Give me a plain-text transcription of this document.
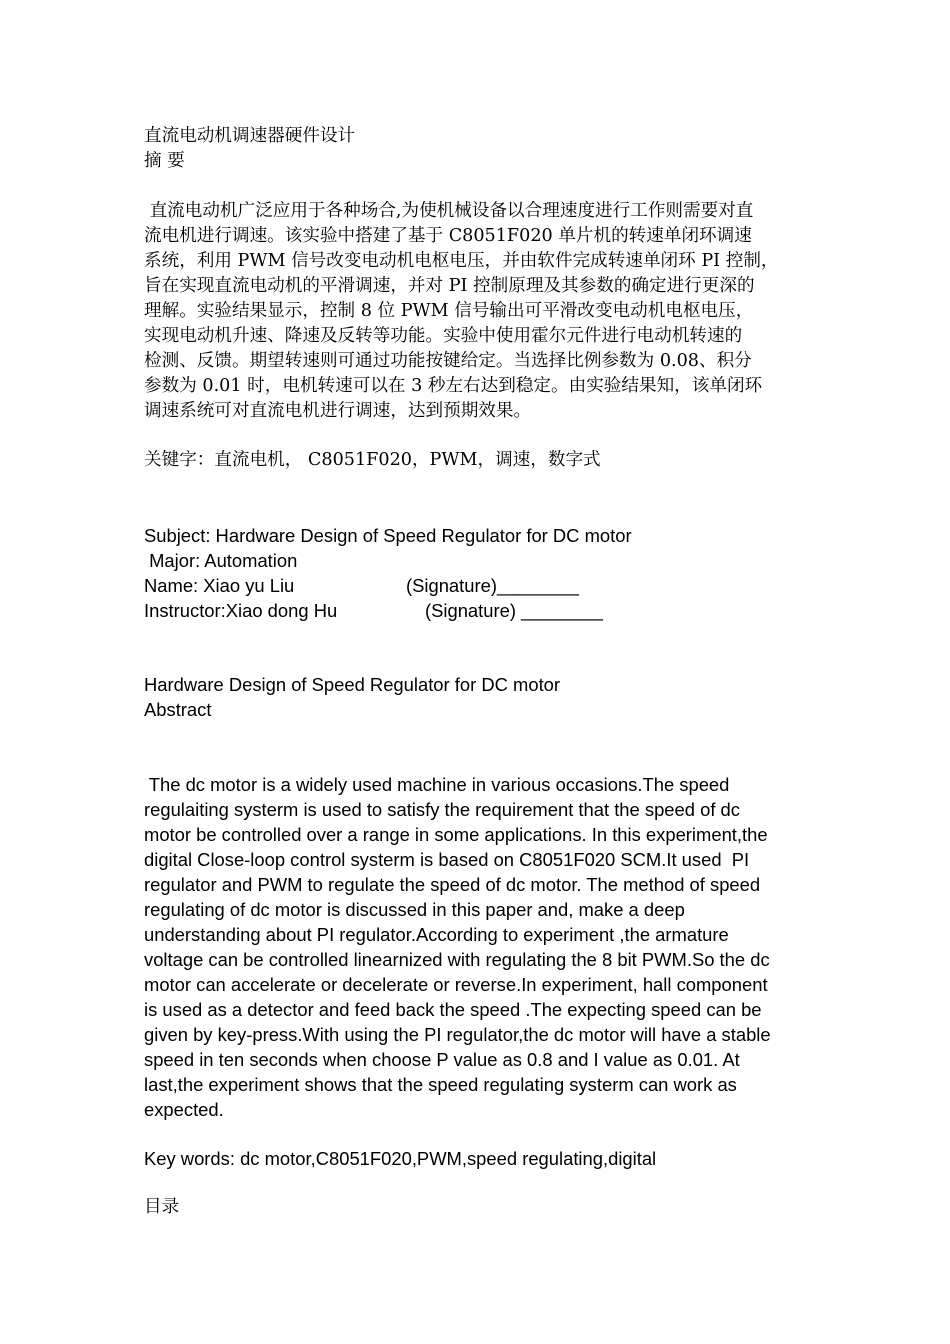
直流电动机调速器硬件设计

摘 要

直流电动机广泛应用于各种场合,为使机械设备以合理速度进行工作则需要对直
流电机进行调速。该实验中搭建了基于 C8051F020 单片机的转速单闭环调速
系统，利用 PWM 信号改变电动机电枢电压，并由软件完成转速单闭环 PI 控制，
旨在实现直流电动机的平滑调速，并对 PI 控制原理及其参数的确定进行更深的
理解。实验结果显示，控制 8 位 PWM 信号输出可平滑改变电动机电枢电压，
实现电动机升速、降速及反转等功能。实验中使用霍尔元件进行电动机转速的
检测、反馈。期望转速则可通过功能按键给定。当选择比例参数为 0.08、积分
参数为 0.01 时，电机转速可以在 3 秒左右达到稳定。由实验结果知，该单闭环
调速系统可对直流电机进行调速，达到预期效果。

关键字：直流电机， C8051F020，PWM，调速，数字式

Subject: Hardware Design of Speed Regulator for DC motor

Major: Automation

Name: Xiao yu Liu	(Signature)________
Instructor:Xiao dong Hu	(Signature) ________

Hardware Design of Speed Regulator for DC motor

Abstract

The dc motor is a widely used machine in various occasions.The speed
regulaiting systerm is used to satisfy the requirement that the speed of dc
motor be controlled over a range in some applications. In this experiment,the
digital Close-loop control systerm is based on C8051F020 SCM.It used  PI
regulator and PWM to regulate the speed of dc motor. The method of speed
regulating of dc motor is discussed in this paper and, make a deep
understanding about PI regulator.According to experiment ,the armature
voltage can be controlled linearnized with regulating the 8 bit PWM.So the dc
motor can accelerate or decelerate or reverse.In experiment, hall component
is used as a detector and feed back the speed .The expecting speed can be
given by key-press.With using the PI regulator,the dc motor will have a stable
speed in ten seconds when choose P value as 0.8 and I value as 0.01. At
last,the experiment shows that the speed regulating systerm can work as
expected.

Key words: dc motor,C8051F020,PWM,speed regulating,digital

目录
